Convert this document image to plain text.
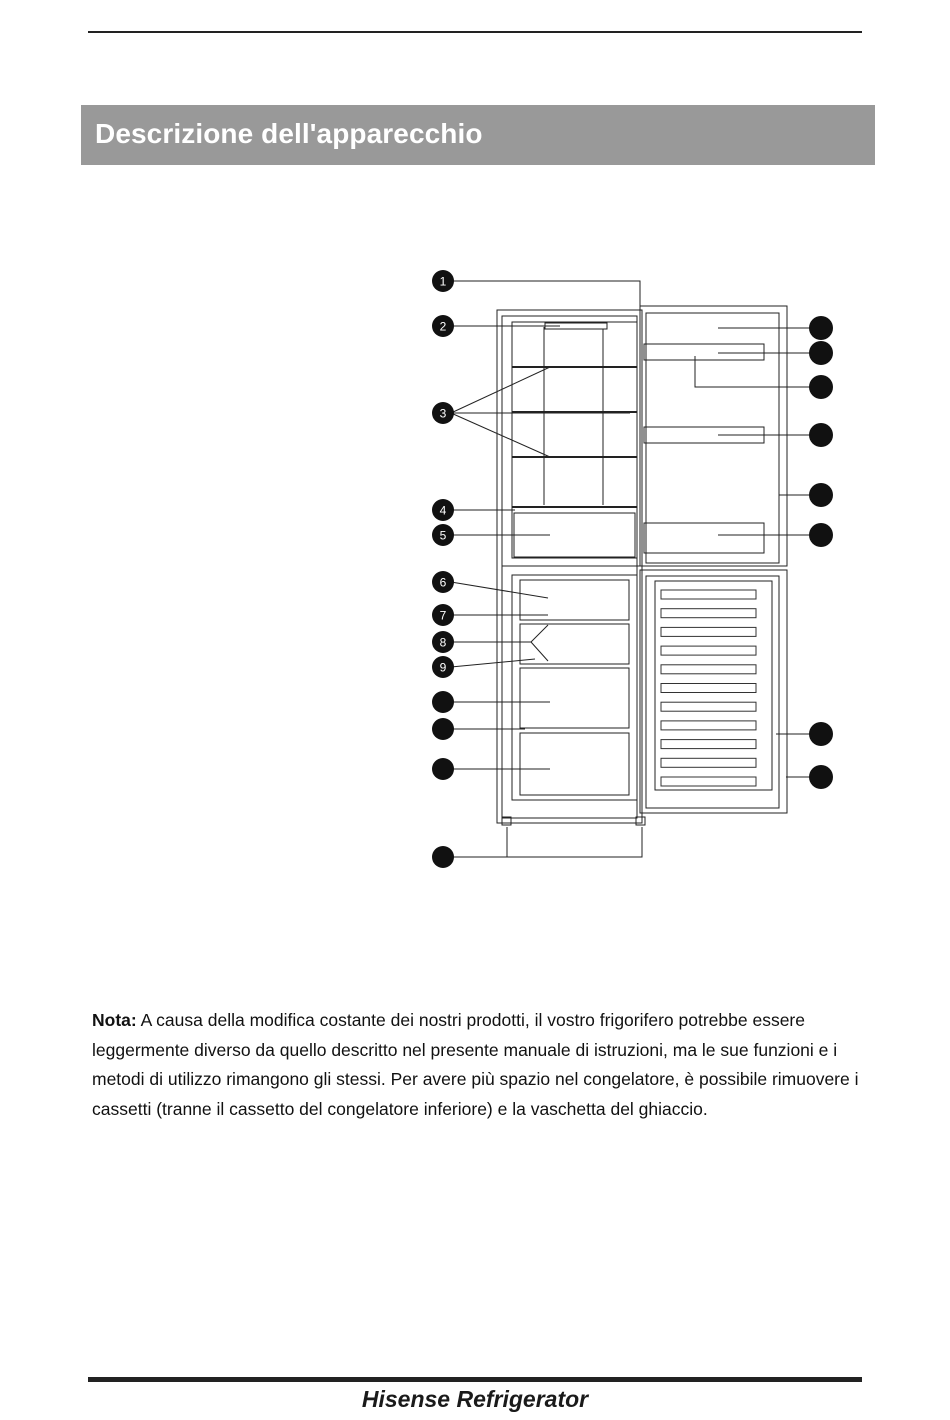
Descrizione dell'apparecchio
1
2
3
4
5
6
7
8
9
Nota: A causa della modifica costante dei nostri prodotti, il vostro frigorifero potrebbe essere leggermente diverso da quello descritto nel presente manuale di istruzioni, ma le sue funzioni e i metodi di utilizzo rimangono gli stessi. Per avere più spazio nel congelatore, è possibile rimuovere i cassetti (tranne il cassetto del congelatore inferiore) e la vaschetta del ghiaccio.
Hisense Refrigerator
